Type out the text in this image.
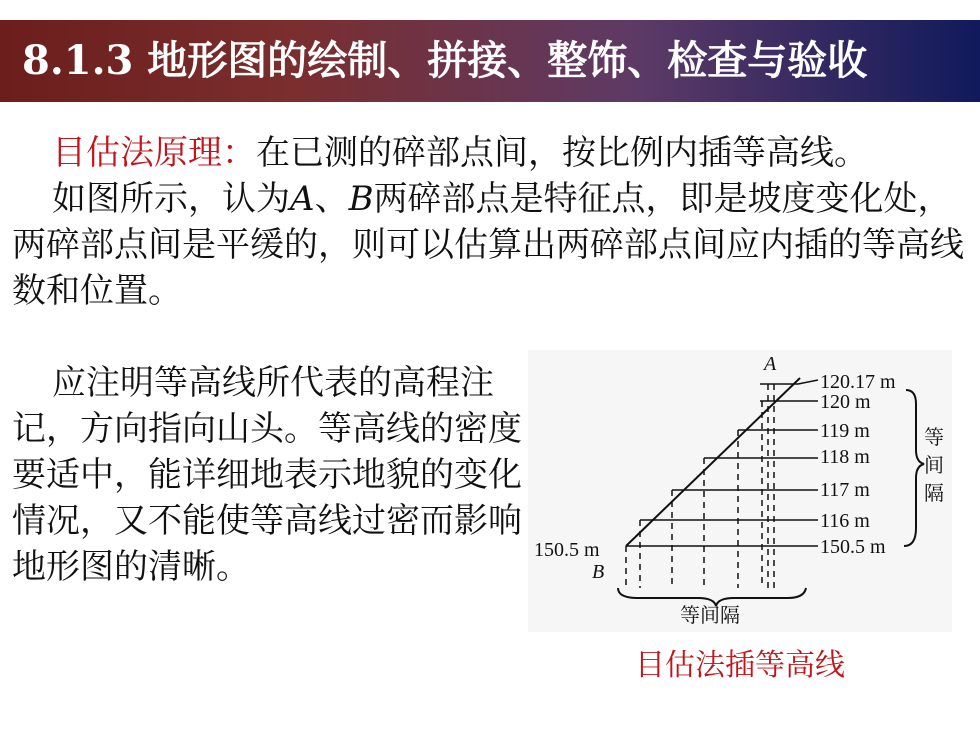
8.1.3 地形图的绘制、拼接、整饰、检查与验收

目估法原理：在已测的碎部点间，按比例内插等高线。
如图所示，认为A、B两碎部点是特征点，即是坡度变化处，两碎部点间是平缓的，则可以估算出两碎部点间应内插的等高线数和位置。

应注明等高线所代表的高程注记，方向指向山头。等高线的密度要适中，能详细地表示地貌的变化情况，又不能使等高线过密而影响地形图的清晰。

A
120.17 m
120 m
119 m
118 m
117 m
116 m
150.5 m
150.5 m
B
等
间
隔
等间隔
目估法插等高线
